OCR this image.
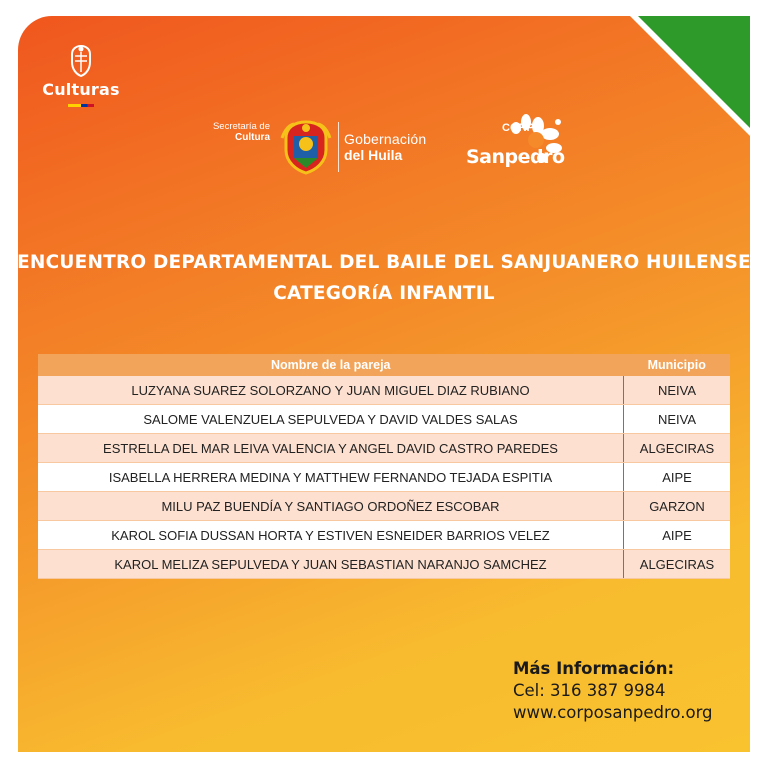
Culturas
Secretaría de
Cultura	Gobernación
del Huila
CORPO
Sanpedro
ENCUENTRO DEPARTAMENTAL DEL BAILE DEL SANJUANERO HUILENSE
CATEGORíA INFANTIL
Nombre de la pareja	Municipio
LUZYANA SUAREZ SOLORZANO Y JUAN MIGUEL DIAZ RUBIANO	NEIVA
SALOME VALENZUELA SEPULVEDA Y DAVID VALDES SALAS	NEIVA
ESTRELLA DEL MAR LEIVA VALENCIA Y ANGEL DAVID CASTRO PAREDES	ALGECIRAS
ISABELLA HERRERA MEDINA Y MATTHEW FERNANDO TEJADA ESPITIA	AIPE
MILU PAZ BUENDÍA Y SANTIAGO ORDOÑEZ ESCOBAR	GARZON
KAROL SOFIA DUSSAN HORTA Y ESTIVEN ESNEIDER BARRIOS VELEZ	AIPE
KAROL MELIZA SEPULVEDA Y JUAN SEBASTIAN NARANJO SAMCHEZ	ALGECIRAS
Más Información:
Cel: 316 387 9984
www.corposanpedro.org
